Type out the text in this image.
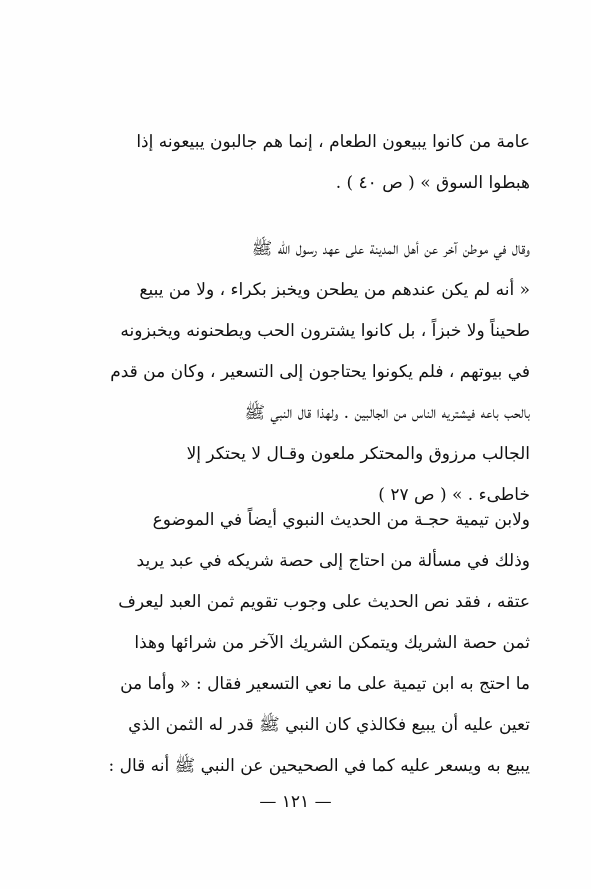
عامة من كانوا يبيعون الطعام ، إنما هم جالبون يبيعونه إذا
هبطوا السوق » ( ص ٤٠ ) .
وقال في موطن آخر عن أهل المدينة على عهد رسول الله ﷺ
« أنه لم يكن عندهم من يطحن ويخبز بكراء ، ولا من يبيع
طحيناً ولا خبزاً ، بل كانوا يشترون الحب ويطحنونه ويخبزونه
في بيوتهم ، فلم يكونوا يحتاجون إلى التسعير ، وكان من قدم
بالحب باعه فيشتريه الناس من الجالبين . ولهذا قال النبي ﷺ
الجالب مرزوق والمحتكر ملعون وقـال لا يحتكر إلا
خاطىء . » ( ص ٢٧ )
ولابن تيمية حجـة من الحديث النبوي أيضاً في الموضوع
وذلك في مسألة من احتاج إلى حصة شريكه في عبد يريد
عتقه ، فقد نص الحديث على وجوب تقويم ثمن العبد ليعرف
ثمن حصة الشريك ويتمكن الشريك الآخر من شرائها وهذا
ما احتج به ابن تيمية على ما نعي التسعير فقال : « وأما من
تعين عليه أن يبيع فكالذي كان النبي ﷺ قدر له الثمن الذي
يبيع به ويسعر عليه كما في الصحيحين عن النبي ﷺ أنه قال :
— ١٢١ —
